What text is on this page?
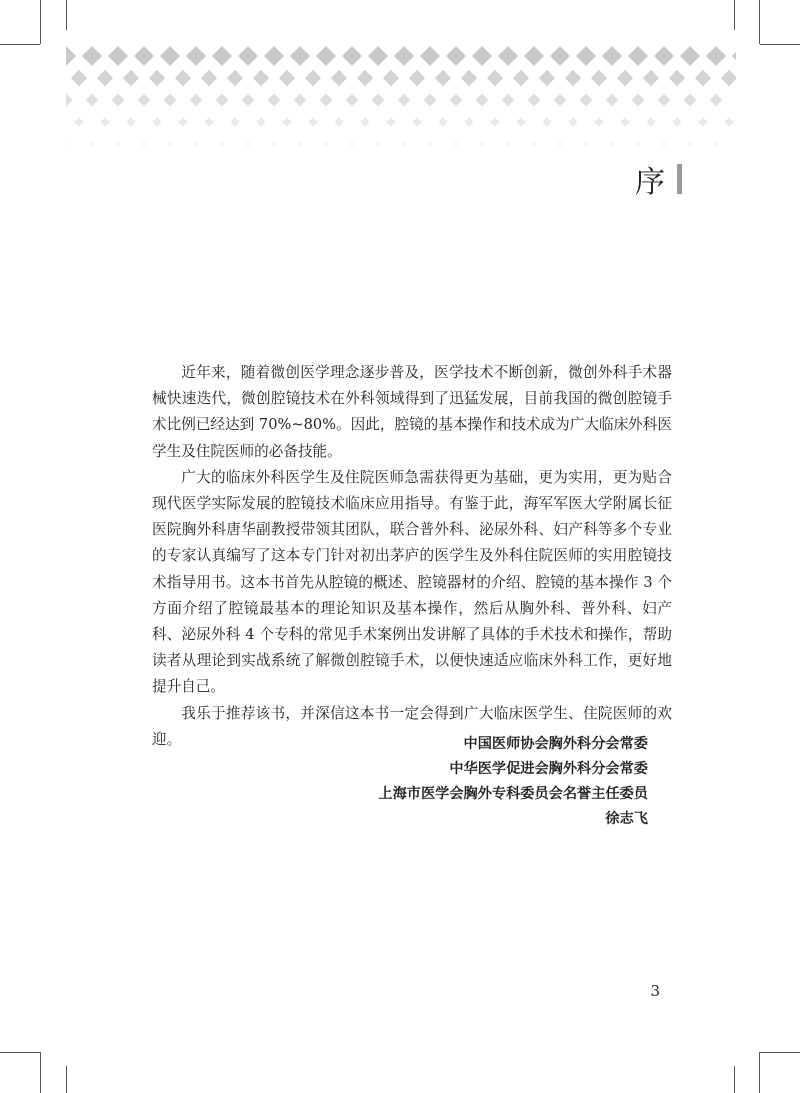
序

近年来，随着微创医学理念逐步普及，医学技术不断创新，微创外科手术器械快速迭代，微创腔镜技术在外科领域得到了迅猛发展，目前我国的微创腔镜手术比例已经达到 70%~80%。因此，腔镜的基本操作和技术成为广大临床外科医学生及住院医师的必备技能。

广大的临床外科医学生及住院医师急需获得更为基础，更为实用，更为贴合现代医学实际发展的腔镜技术临床应用指导。有鉴于此，海军军医大学附属长征医院胸外科唐华副教授带领其团队，联合普外科、泌尿外科、妇产科等多个专业的专家认真编写了这本专门针对初出茅庐的医学生及外科住院医师的实用腔镜技术指导用书。这本书首先从腔镜的概述、腔镜器材的介绍、腔镜的基本操作 3 个方面介绍了腔镜最基本的理论知识及基本操作，然后从胸外科、普外科、妇产科、泌尿外科 4 个专科的常见手术案例出发讲解了具体的手术技术和操作，帮助读者从理论到实战系统了解微创腔镜手术，以便快速适应临床外科工作，更好地提升自己。

我乐于推荐该书，并深信这本书一定会得到广大临床医学生、住院医师的欢迎。	中国医师协会胸外科分会常委
中华医学促进会胸外科分会常委
上海市医学会胸外专科委员会名誉主任委员
徐志飞
3
